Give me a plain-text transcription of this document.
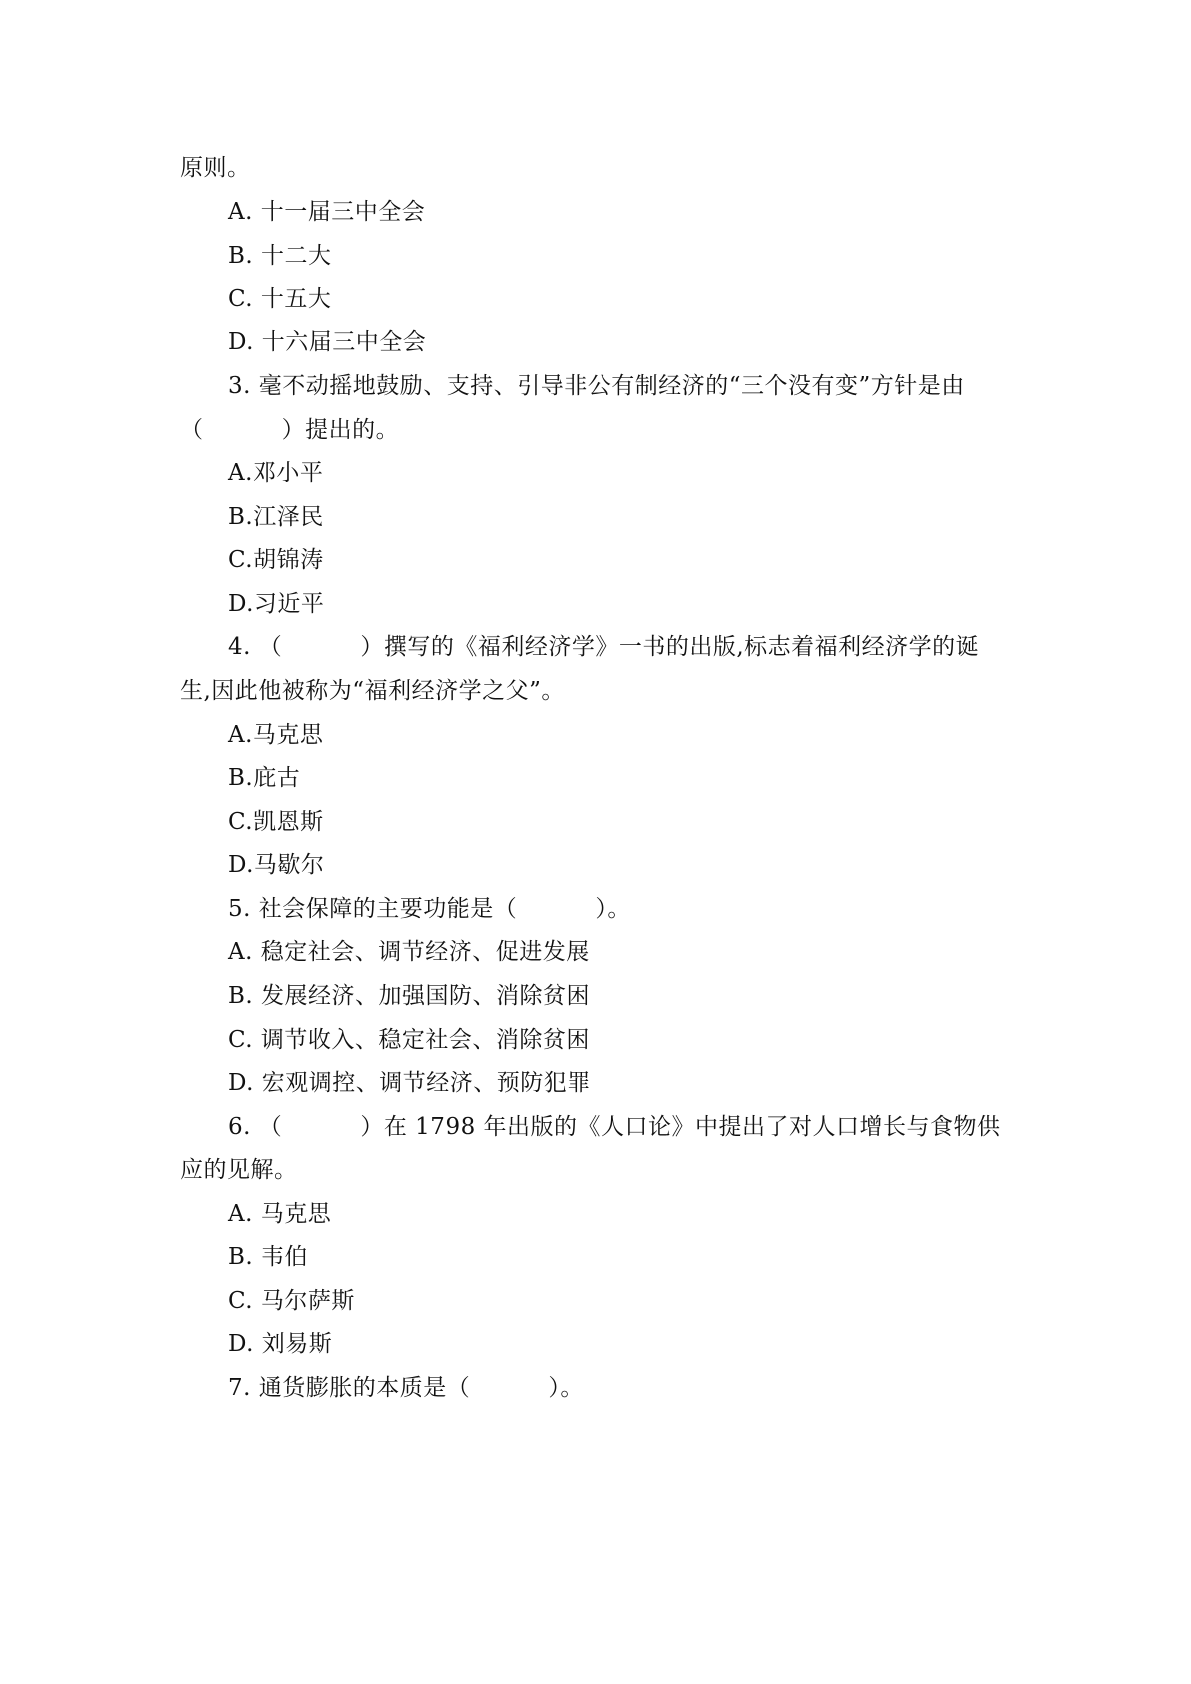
原则。
A. 十一届三中全会
B. 十二大
C. 十五大
D. 十六届三中全会
3. 毫不动摇地鼓励、支持、引导非公有制经济的“三个没有变”方针是由
（          ）提出的。
A.邓小平
B.江泽民
C.胡锦涛
D.习近平
4. （          ）撰写的《福利经济学》一书的出版,标志着福利经济学的诞
生,因此他被称为“福利经济学之父”。
A.马克思
B.庇古
C.凯恩斯
D.马歇尔
5. 社会保障的主要功能是（          ）。
A. 稳定社会、调节经济、促进发展
B. 发展经济、加强国防、消除贫困
C. 调节收入、稳定社会、消除贫困
D. 宏观调控、调节经济、预防犯罪
6. （          ）在 1798 年出版的《人口论》中提出了对人口增长与食物供
应的见解。
A. 马克思
B. 韦伯
C. 马尔萨斯
D. 刘易斯
7. 通货膨胀的本质是（          ）。
